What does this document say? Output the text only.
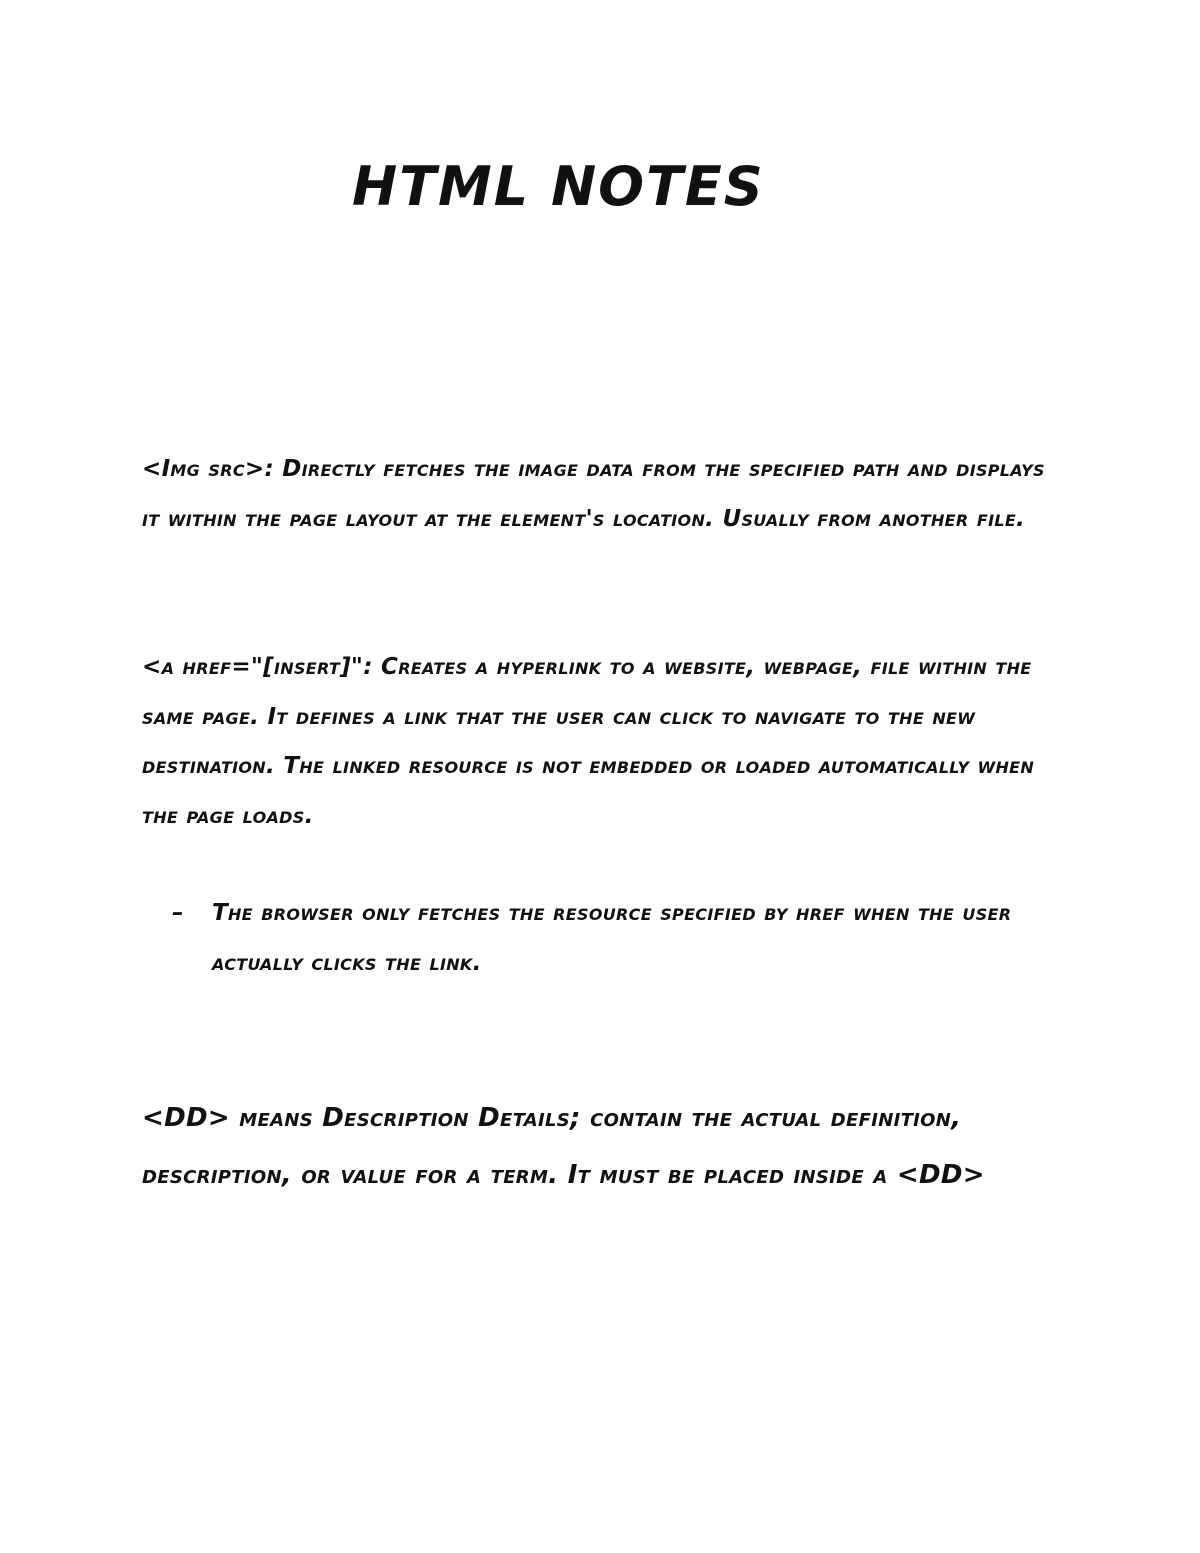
HTML NOTES

<Img src>: Directly fetches the image data from the specified path and displays it within the page layout at the element's location. Usually from another file.

<a href="[insert]": Creates a hyperlink to a website, webpage, file within the same page. It defines a link that the user can click to navigate to the new destination. The linked resource is not embedded or loaded automatically when the page loads.

–	The browser only fetches the resource specified by href when the user actually clicks the link.

<DD> means Description Details; contain the actual definition, description, or value for a term. It must be placed inside a <DD>
